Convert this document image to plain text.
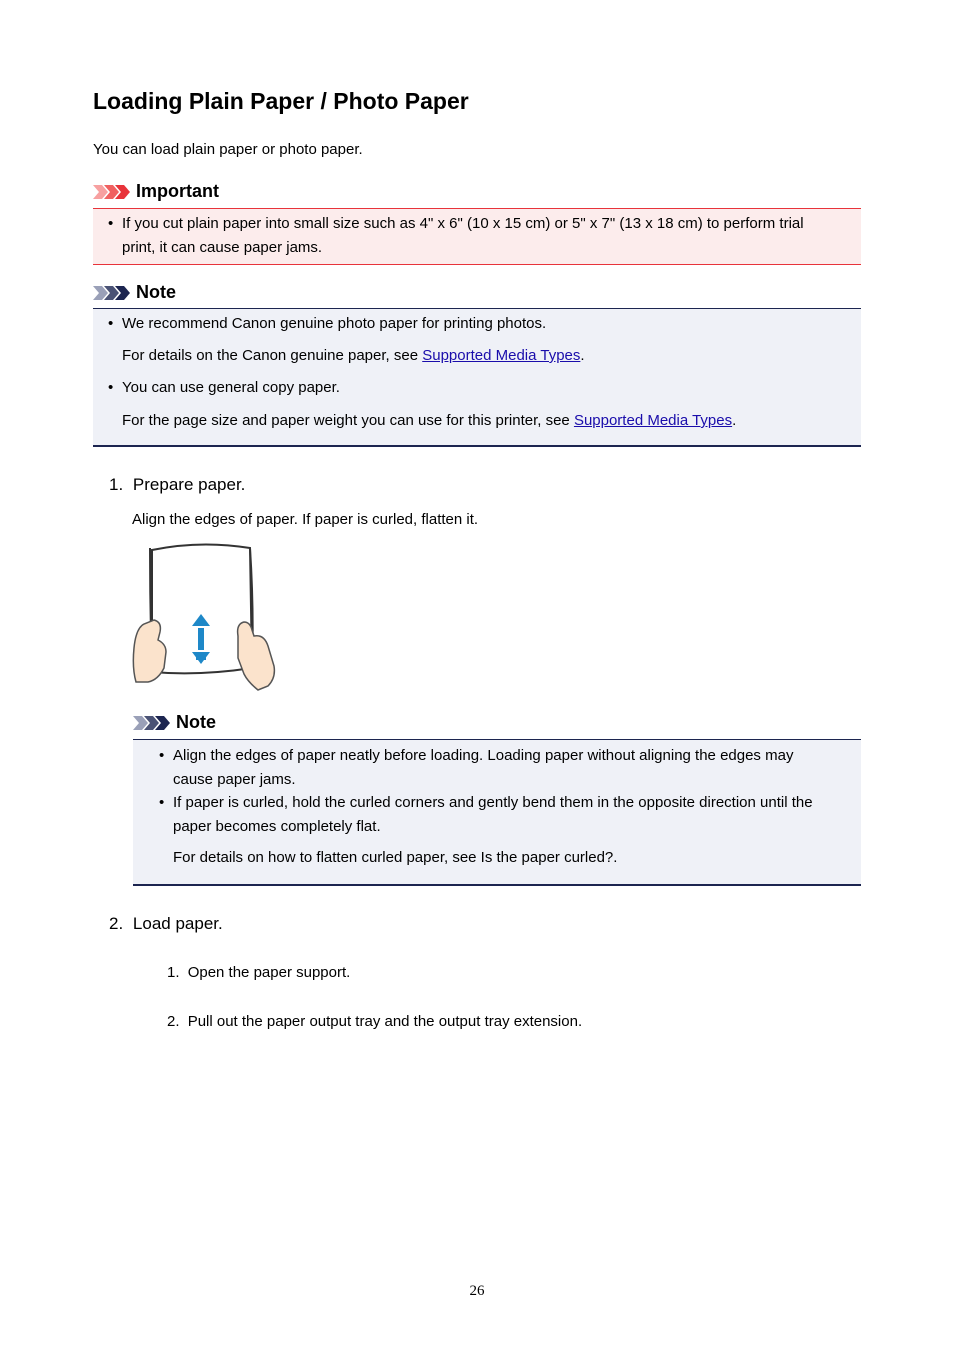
Loading Plain Paper / Photo Paper

You can load plain paper or photo paper.

Important
• If you cut plain paper into small size such as 4" x 6" (10 x 15 cm) or 5" x 7" (13 x 18 cm) to perform trial
print, it can cause paper jams.
Note
• We recommend Canon genuine photo paper for printing photos.
For details on the Canon genuine paper, see Supported Media Types.
• You can use general copy paper.
For the page size and paper weight you can use for this printer, see Supported Media Types.
1. Prepare paper.
Align the edges of paper. If paper is curled, flatten it.
Note
• Align the edges of paper neatly before loading. Loading paper without aligning the edges may
cause paper jams.
• If paper is curled, hold the curled corners and gently bend them in the opposite direction until the
paper becomes completely flat.
For details on how to flatten curled paper, see Is the paper curled?.
2. Load paper.
1. Open the paper support.
2. Pull out the paper output tray and the output tray extension.
26
